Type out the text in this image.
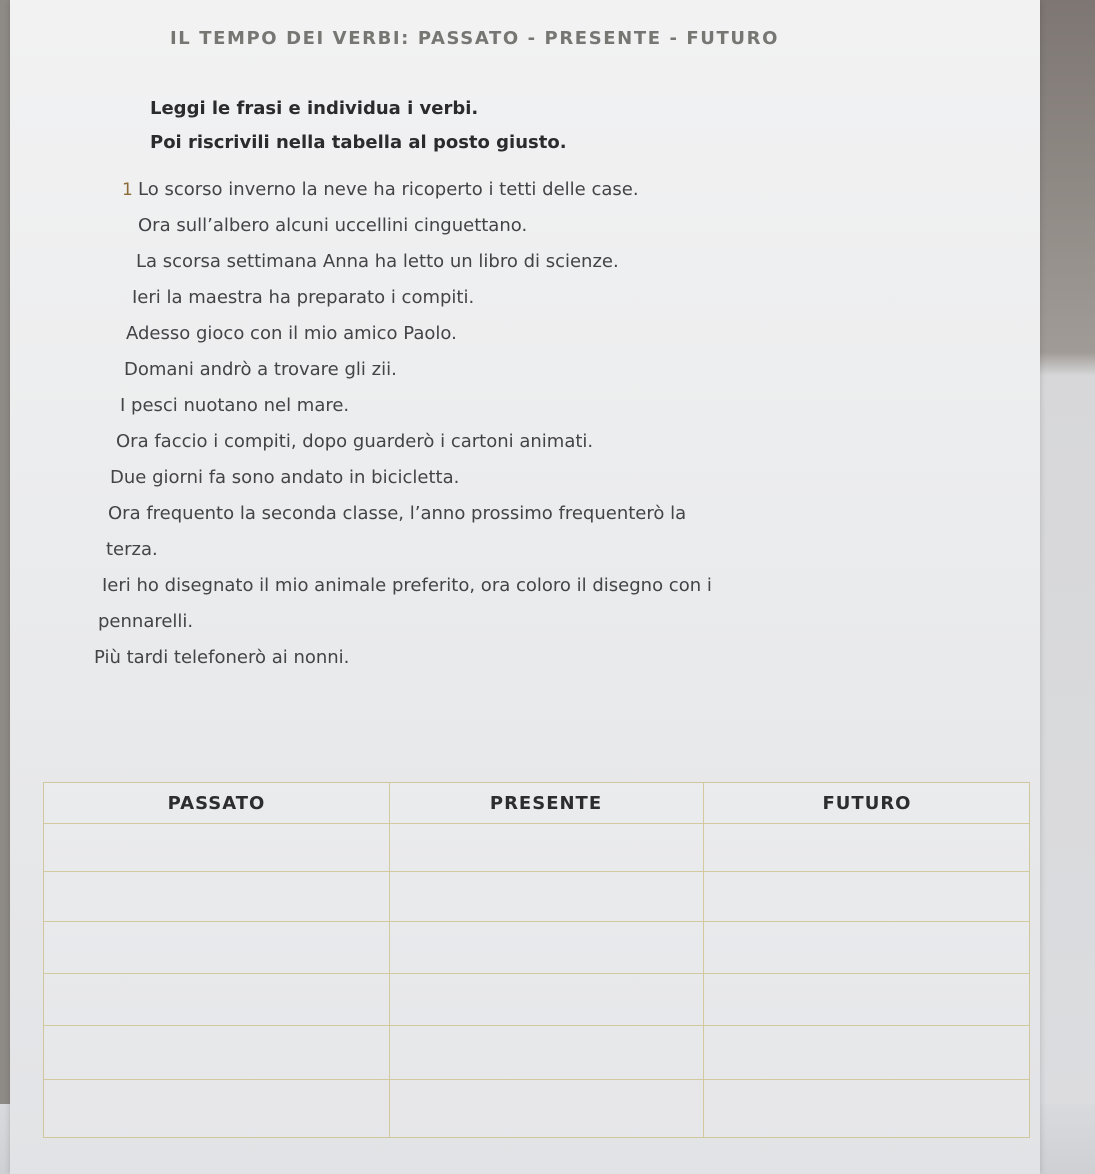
IL TEMPO DEI VERBI: PASSATO - PRESENTE - FUTURO
Leggi le frasi e individua i verbi.
Poi riscrivili nella tabella al posto giusto.
1 Lo scorso inverno la neve ha ricoperto i tetti delle case.
Ora sull’albero alcuni uccellini cinguettano.
La scorsa settimana Anna ha letto un libro di scienze.
Ieri la maestra ha preparato i compiti.
Adesso gioco con il mio amico Paolo.
Domani andrò a trovare gli zii.
I pesci nuotano nel mare.
Ora faccio i compiti, dopo guarderò i cartoni animati.
Due giorni fa sono andato in bicicletta.
Ora frequento la seconda classe, l’anno prossimo frequenterò la
terza.
Ieri ho disegnato il mio animale preferito, ora coloro il disegno con i
pennarelli.
Più tardi telefonerò ai nonni.
PASSATO	PRESENTE	FUTURO
